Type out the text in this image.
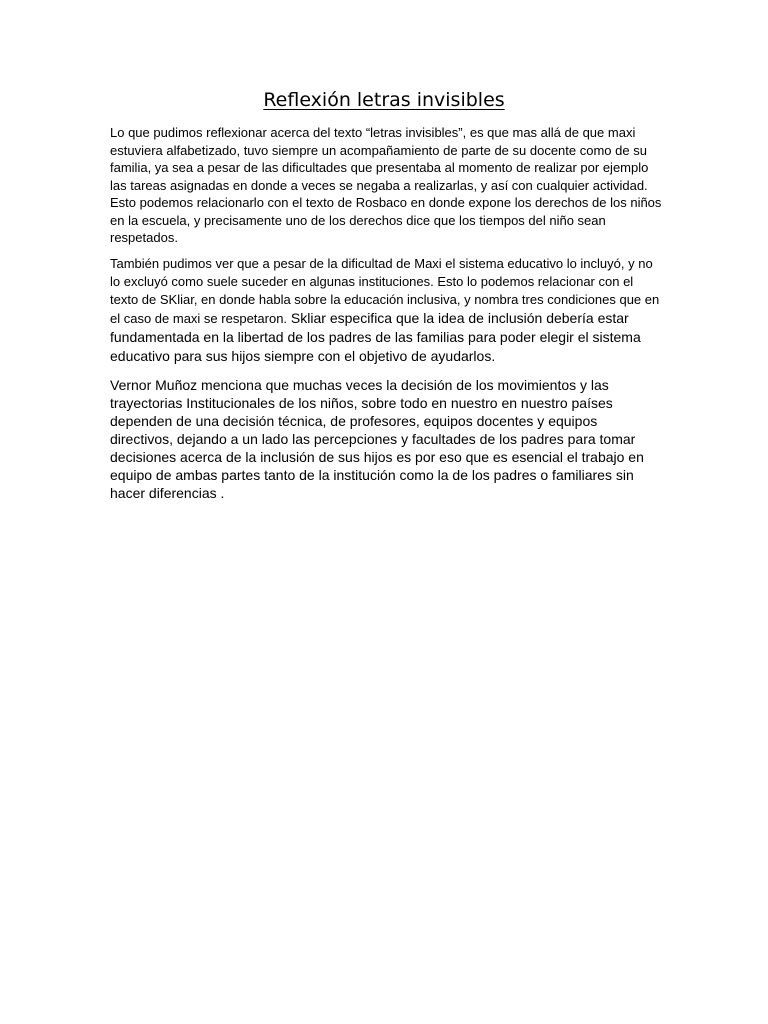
Reflexión letras invisibles

Lo que pudimos reflexionar acerca del texto “letras invisibles”, es que mas allá de que maxi estuviera alfabetizado, tuvo siempre un acompañamiento de parte de su docente como de su familia, ya sea a pesar de las dificultades que presentaba al momento de realizar por ejemplo las tareas asignadas en donde a veces se negaba a realizarlas, y así con cualquier actividad. Esto podemos relacionarlo con el texto de Rosbaco en donde expone los derechos de los niños en la escuela, y precisamente uno de los derechos dice que los tiempos del niño sean respetados.

También pudimos ver que a pesar de la dificultad de Maxi el sistema educativo lo incluyó, y no lo excluyó como suele suceder en algunas instituciones. Esto lo podemos relacionar con el texto de SKliar, en donde habla sobre la educación inclusiva, y nombra tres condiciones que en el caso de maxi se respetaron. Skliar especifica que la idea de inclusión debería estar fundamentada en la libertad de los padres de las familias para poder elegir el sistema educativo para sus hijos siempre con el objetivo de ayudarlos.

Vernor Muñoz menciona que muchas veces la decisión de los movimientos y las trayectorias Institucionales de los niños, sobre todo en nuestro en nuestro países dependen de una decisión técnica, de profesores, equipos docentes y equipos directivos, dejando a un lado las percepciones y facultades de los padres para tomar decisiones acerca de la inclusión de sus hijos es por eso que es esencial el trabajo en equipo de ambas partes tanto de la institución como la de los padres o familiares sin hacer diferencias .
